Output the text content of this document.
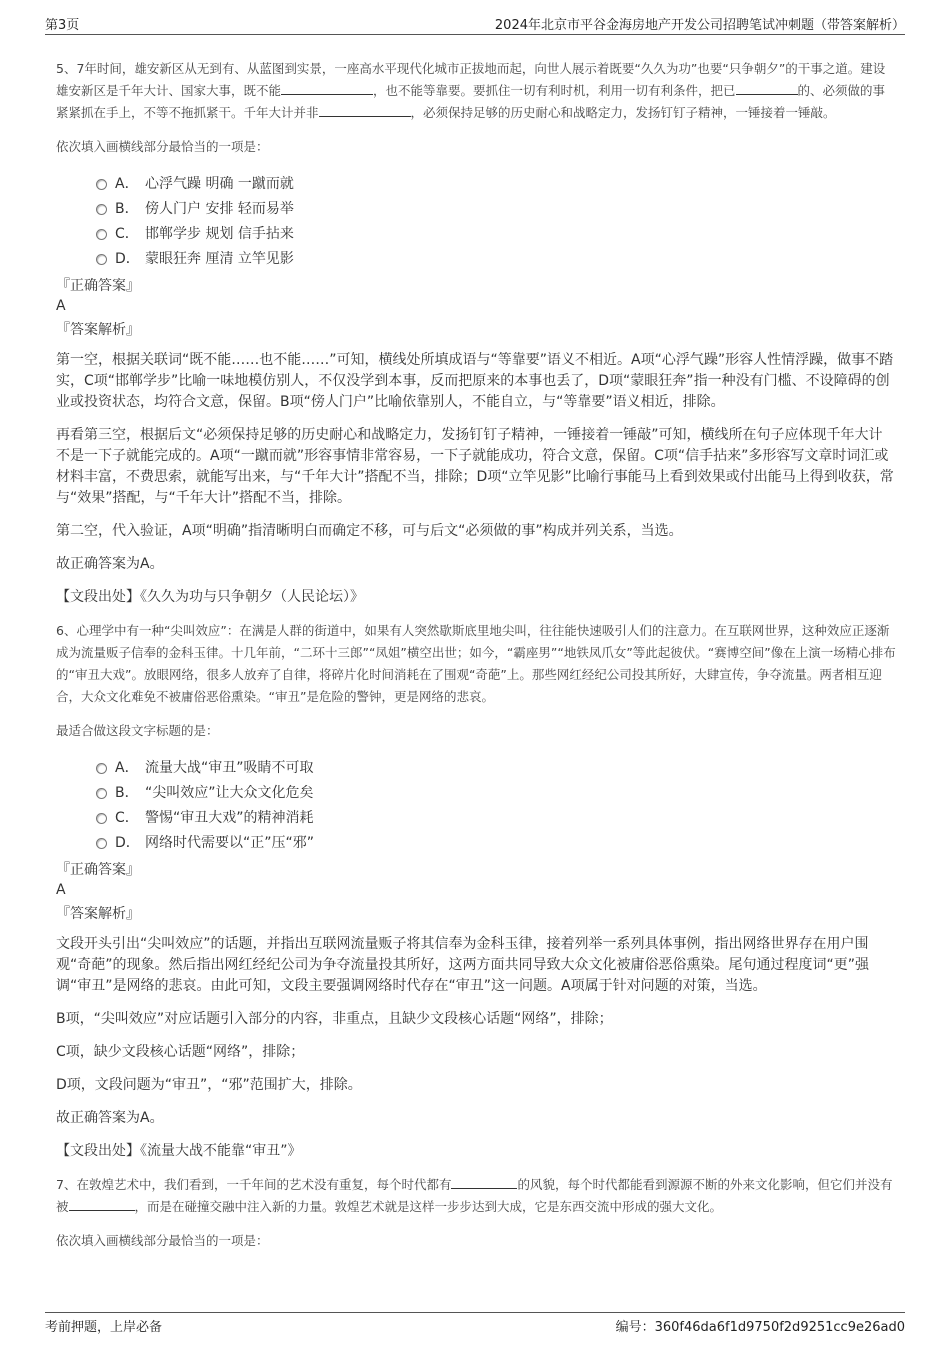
第3页	2024年北京市平谷金海房地产开发公司招聘笔试冲刺题（带答案解析）

5、7年时间，雄安新区从无到有、从蓝图到实景，一座高水平现代化城市正拔地而起，向世人展示着既要“久久为功”也要“只争朝夕”的干事之道。建设雄安新区是千年大计、国家大事，既不能	，也不能等靠要。要抓住一切有利时机，利用一切有利条件，把已	的、必须做的事紧紧抓在手上，不等不拖抓紧干。千年大计并非	，必须保持足够的历史耐心和战略定力，发扬钉钉子精神，一锤接着一锤敲。

依次填入画横线部分最恰当的一项是：

A． 心浮气躁 明确 一蹴而就
B． 傍人门户 安排 轻而易举
C． 邯郸学步 规划 信手拈来
D． 蒙眼狂奔 厘清 立竿见影

『正确答案』

A

『答案解析』

第一空，根据关联词“既不能……也不能……”可知，横线处所填成语与“等靠要”语义不相近。A项“心浮气躁”形容人性情浮躁，做事不踏实，C项“邯郸学步”比喻一味地模仿别人，不仅没学到本事，反而把原来的本事也丢了，D项“蒙眼狂奔”指一种没有门槛、不设障碍的创业或投资状态，均符合文意，保留。B项“傍人门户”比喻依靠别人，不能自立，与“等靠要”语义相近，排除。

再看第三空，根据后文“必须保持足够的历史耐心和战略定力，发扬钉钉子精神，一锤接着一锤敲”可知，横线所在句子应体现千年大计不是一下子就能完成的。A项“一蹴而就”形容事情非常容易，一下子就能成功，符合文意，保留。C项“信手拈来”多形容写文章时词汇或材料丰富，不费思索，就能写出来，与“千年大计”搭配不当，排除；D项“立竿见影”比喻行事能马上看到效果或付出能马上得到收获，常与“效果”搭配，与“千年大计”搭配不当，排除。

第二空，代入验证，A项“明确”指清晰明白而确定不移，可与后文“必须做的事”构成并列关系，当选。

故正确答案为A。

【文段出处】《久久为功与只争朝夕（人民论坛）》

6、心理学中有一种“尖叫效应”：在满是人群的街道中，如果有人突然歇斯底里地尖叫，往往能快速吸引人们的注意力。在互联网世界，这种效应正逐渐成为流量贩子信奉的金科玉律。十几年前，“二环十三郎”“凤姐”横空出世；如今，“霸座男”“地铁凤爪女”等此起彼伏。“赛博空间”像在上演一场精心排布的“审丑大戏”。放眼网络，很多人放弃了自律，将碎片化时间消耗在了围观“奇葩”上。那些网红经纪公司投其所好，大肆宣传，争夺流量。两者相互迎合，大众文化难免不被庸俗恶俗熏染。“审丑”是危险的警钟，更是网络的悲哀。

最适合做这段文字标题的是：

A． 流量大战“审丑”吸睛不可取
B． “尖叫效应”让大众文化危矣
C． 警惕“审丑大戏”的精神消耗
D． 网络时代需要以“正”压“邪”

『正确答案』

A

『答案解析』

文段开头引出“尖叫效应”的话题，并指出互联网流量贩子将其信奉为金科玉律，接着列举一系列具体事例，指出网络世界存在用户围观“奇葩”的现象。然后指出网红经纪公司为争夺流量投其所好，这两方面共同导致大众文化被庸俗恶俗熏染。尾句通过程度词“更”强调“审丑”是网络的悲哀。由此可知，文段主要强调网络时代存在“审丑”这一问题。A项属于针对问题的对策，当选。

B项，“尖叫效应”对应话题引入部分的内容，非重点，且缺少文段核心话题“网络”，排除；

C项，缺少文段核心话题“网络”，排除；

D项，文段问题为“审丑”，“邪”范围扩大，排除。

故正确答案为A。

【文段出处】《流量大战不能靠“审丑”》

7、在敦煌艺术中，我们看到，一千年间的艺术没有重复，每个时代都有	的风貌，每个时代都能看到源源不断的外来文化影响，但它们并没有被	，而是在碰撞交融中注入新的力量。敦煌艺术就是这样一步步达到大成，它是东西交流中形成的强大文化。

依次填入画横线部分最恰当的一项是：

考前押题，上岸必备	编号：360f46da6f1d9750f2d9251cc9e26ad0
